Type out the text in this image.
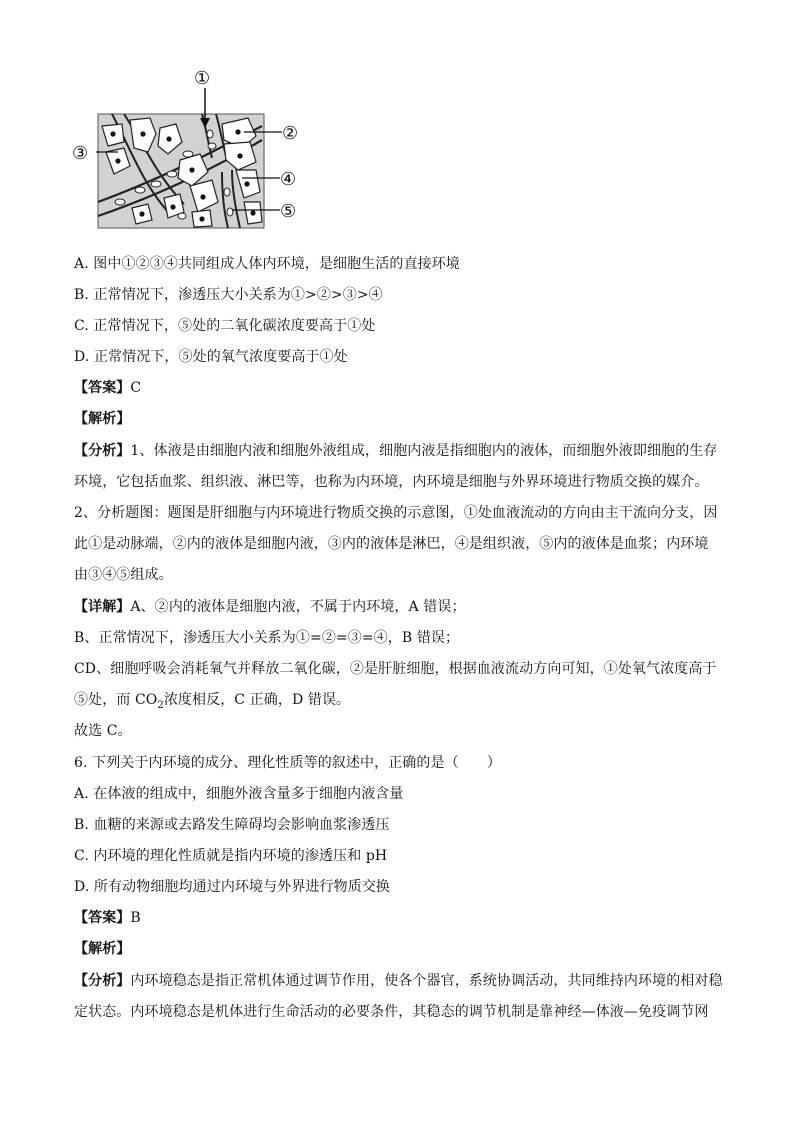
①
②
③
④
⑤
A. 图中①②③④共同组成人体内环境，是细胞生活的直接环境
B. 正常情况下，渗透压大小关系为①>②>③>④
C. 正常情况下，⑤处的二氧化碳浓度要高于①处
D. 正常情况下，⑤处的氧气浓度要高于①处
【答案】C
【解析】
【分析】1、体液是由细胞内液和细胞外液组成，细胞内液是指细胞内的液体，而细胞外液即细胞的生存
环境，它包括血浆、组织液、淋巴等，也称为内环境，内环境是细胞与外界环境进行物质交换的媒介。
2、分析题图：题图是肝细胞与内环境进行物质交换的示意图，①处血液流动的方向由主干流向分支，因
此①是动脉端，②内的液体是细胞内液，③内的液体是淋巴，④是组织液，⑤内的液体是血浆；内环境
由③④⑤组成。
【详解】A、②内的液体是细胞内液，不属于内环境，A 错误；
B、正常情况下，渗透压大小关系为①=②=③=④，B 错误；
CD、细胞呼吸会消耗氧气并释放二氧化碳，②是肝脏细胞，根据血液流动方向可知，①处氧气浓度高于
⑤处，而 $CO_2$浓度相反，C 正确，D 错误。
故选 C。
6. 下列关于内环境的成分、理化性质等的叙述中，正确的是（　　）
A. 在体液的组成中，细胞外液含量多于细胞内液含量
B. 血糖的来源或去路发生障碍均会影响血浆渗透压
C. 内环境的理化性质就是指内环境的渗透压和 pH
D. 所有动物细胞均通过内环境与外界进行物质交换
【答案】B
【解析】
【分析】内环境稳态是指正常机体通过调节作用，使各个器官，系统协调活动，共同维持内环境的相对稳
定状态。内环境稳态是机体进行生命活动的必要条件，其稳态的调节机制是靠神经—体液—免疫调节网
